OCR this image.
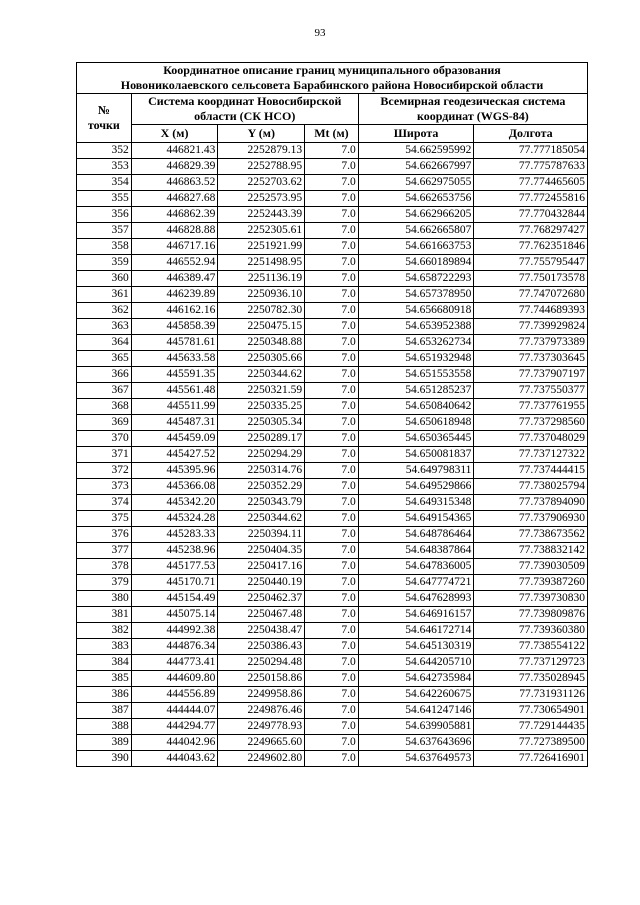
93
Координатное описание границ муниципального образования
Новониколаевского сельсовета Барабинского района Новосибирской области					

№
точки	Система координат Новосибирской области (СК НСО)			Всемирная геодезическая система координат (WGS-84)	
	X (м)	Y (м)	Mt (м)	Широта	Долгота
352	446821.43	2252879.13	7.0	54.662595992	77.777185054
353	446829.39	2252788.95	7.0	54.662667997	77.775787633
354	446863.52	2252703.62	7.0	54.662975055	77.774465605
355	446827.68	2252573.95	7.0	54.662653756	77.772455816
356	446862.39	2252443.39	7.0	54.662966205	77.770432844
357	446828.88	2252305.61	7.0	54.662665807	77.768297427
358	446717.16	2251921.99	7.0	54.661663753	77.762351846
359	446552.94	2251498.95	7.0	54.660189894	77.755795447
360	446389.47	2251136.19	7.0	54.658722293	77.750173578
361	446239.89	2250936.10	7.0	54.657378950	77.747072680
362	446162.16	2250782.30	7.0	54.656680918	77.744689393
363	445858.39	2250475.15	7.0	54.653952388	77.739929824
364	445781.61	2250348.88	7.0	54.653262734	77.737973389
365	445633.58	2250305.66	7.0	54.651932948	77.737303645
366	445591.35	2250344.62	7.0	54.651553558	77.737907197
367	445561.48	2250321.59	7.0	54.651285237	77.737550377
368	445511.99	2250335.25	7.0	54.650840642	77.737761955
369	445487.31	2250305.34	7.0	54.650618948	77.737298560
370	445459.09	2250289.17	7.0	54.650365445	77.737048029
371	445427.52	2250294.29	7.0	54.650081837	77.737127322
372	445395.96	2250314.76	7.0	54.649798311	77.737444415
373	445366.08	2250352.29	7.0	54.649529866	77.738025794
374	445342.20	2250343.79	7.0	54.649315348	77.737894090
375	445324.28	2250344.62	7.0	54.649154365	77.737906930
376	445283.33	2250394.11	7.0	54.648786464	77.738673562
377	445238.96	2250404.35	7.0	54.648387864	77.738832142
378	445177.53	2250417.16	7.0	54.647836005	77.739030509
379	445170.71	2250440.19	7.0	54.647774721	77.739387260
380	445154.49	2250462.37	7.0	54.647628993	77.739730830
381	445075.14	2250467.48	7.0	54.646916157	77.739809876
382	444992.38	2250438.47	7.0	54.646172714	77.739360380
383	444876.34	2250386.43	7.0	54.645130319	77.738554122
384	444773.41	2250294.48	7.0	54.644205710	77.737129723
385	444609.80	2250158.86	7.0	54.642735984	77.735028945
386	444556.89	2249958.86	7.0	54.642260675	77.731931126
387	444444.07	2249876.46	7.0	54.641247146	77.730654901
388	444294.77	2249778.93	7.0	54.639905881	77.729144435
389	444042.96	2249665.60	7.0	54.637643696	77.727389500
390	444043.62	2249602.80	7.0	54.637649573	77.726416901
